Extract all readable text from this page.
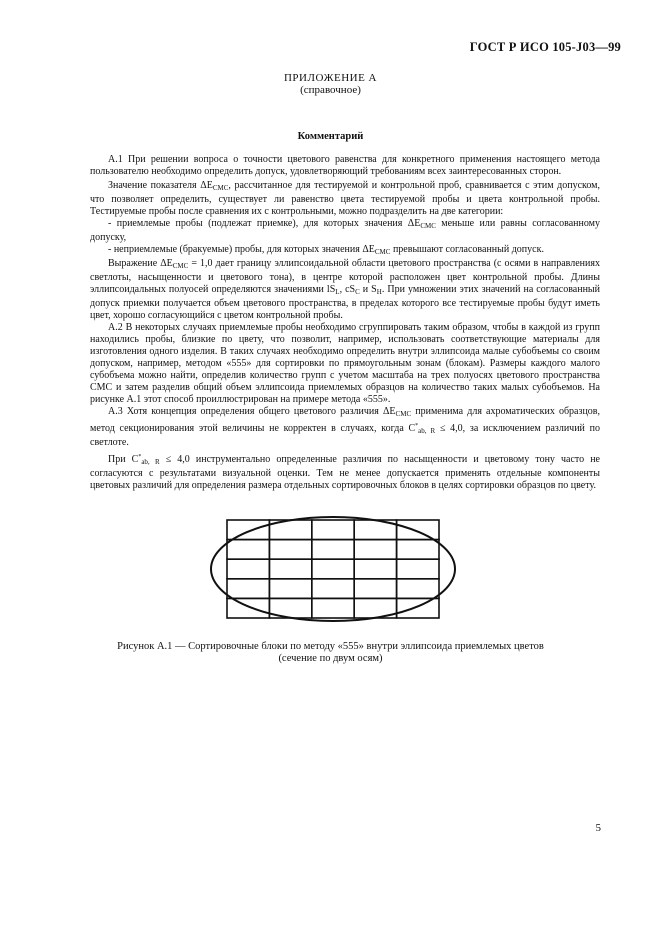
ГОСТ Р ИСО 105-J03—99
ПРИЛОЖЕНИЕ А
(справочное)
Комментарий

А.1 При решении вопроса о точности цветового равенства для конкретного применения настоящего метода пользователю необходимо определить допуск, удовлетворяющий требованиям всех заинтересованных сторон.

Значение показателя $\Delta E_{CMC}$, рассчитанное для тестируемой и контрольной проб, сравнивается с этим допуском, что позволяет определить, существует ли равенство цвета тестируемой пробы и цвета контрольной пробы. Тестируемые пробы после сравнения их с контрольными, можно подразделить на две категории:

- приемлемые пробы (подлежат приемке), для которых значения $\Delta E_{CMC}$ меньше или равны согласованному допуску,

- неприемлемые (бракуемые) пробы, для которых значения $\Delta E_{CMC}$ превышают согласованный допуск.

Выражение $\Delta E_{CMC} = 1,0$ дает границу эллипсоидальной области цветового пространства (с осями в направлениях светлоты, насыщенности и цветового тона), в центре которой расположен цвет контрольной пробы. Длины эллипсоидальных полуосей определяются значениями $lS_L$, $cS_C$ и $S_H$. При умножении этих значений на согласованный допуск приемки получается объем цветового пространства, в пределах которого все тестируемые пробы будут иметь цвет, хорошо согласующийся с цветом контрольной пробы.

А.2 В некоторых случаях приемлемые пробы необходимо сгруппировать таким образом, чтобы в каждой из групп находились пробы, близкие по цвету, что позволит, например, использовать соответствующие материалы для изготовления одного изделия. В таких случаях необходимо определить внутри эллипсоида малые субобъемы со своим допуском, например, методом «555» для сортировки по прямоугольным зонам (блокам). Размеры каждого малого субобъема можно найти, определив количество групп с учетом масштаба на трех полуосях цветового пространства СМС и затем разделив общий объем эллипсоида приемлемых образцов на количество таких малых субобъемов. На рисунке А.1 этот способ проиллюстрирован на примере метода «555».

А.3 Хотя концепция определения общего цветового различия $\Delta E_{CMC}$ применима для ахроматических образцов, метод секционирования этой величины не корректен в случаях, когда $C^*_{ab, R} \le 4,0$, за исключением различий по светлоте.

При $C^*_{ab, R} \le 4,0$ инструментально определенные различия по насыщенности и цветовому тону часто не согласуются с результатами визуальной оценки. Тем не менее допускается применять отдельные компоненты цветовых различий для определения размера отдельных сортировочных блоков в целях сортировки образцов по цвету.

Рисунок А.1 — Сортировочные блоки по методу «555» внутри эллипсоида приемлемых цветов
(сечение по двум осям)
5
